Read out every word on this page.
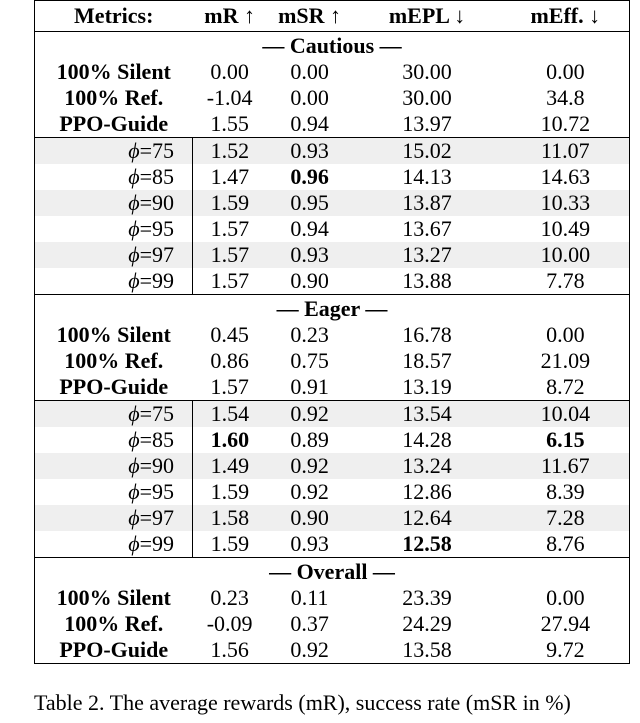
Metrics:	mR ↑	mSR ↑	mEPL ↓	mEff. ↓
— Cautious —				
100% Silent	0.00	0.00	30.00	0.00
100% Ref.	-1.04	0.00	30.00	34.8
PPO-Guide	1.55	0.94	13.97	10.72
ϕ=75	1.52	0.93	15.02	11.07
ϕ=85	1.47	0.96	14.13	14.63
ϕ=90	1.59	0.95	13.87	10.33
ϕ=95	1.57	0.94	13.67	10.49
ϕ=97	1.57	0.93	13.27	10.00
ϕ=99	1.57	0.90	13.88	7.78
— Eager —				
100% Silent	0.45	0.23	16.78	0.00
100% Ref.	0.86	0.75	18.57	21.09
PPO-Guide	1.57	0.91	13.19	8.72
ϕ=75	1.54	0.92	13.54	10.04
ϕ=85	1.60	0.89	14.28	6.15
ϕ=90	1.49	0.92	13.24	11.67
ϕ=95	1.59	0.92	12.86	8.39
ϕ=97	1.58	0.90	12.64	7.28
ϕ=99	1.59	0.93	12.58	8.76
— Overall —				
100% Silent	0.23	0.11	23.39	0.00
100% Ref.	-0.09	0.37	24.29	27.94
PPO-Guide	1.56	0.92	13.58	9.72
Table 2. The average rewards (mR), success rate (mSR in %)
